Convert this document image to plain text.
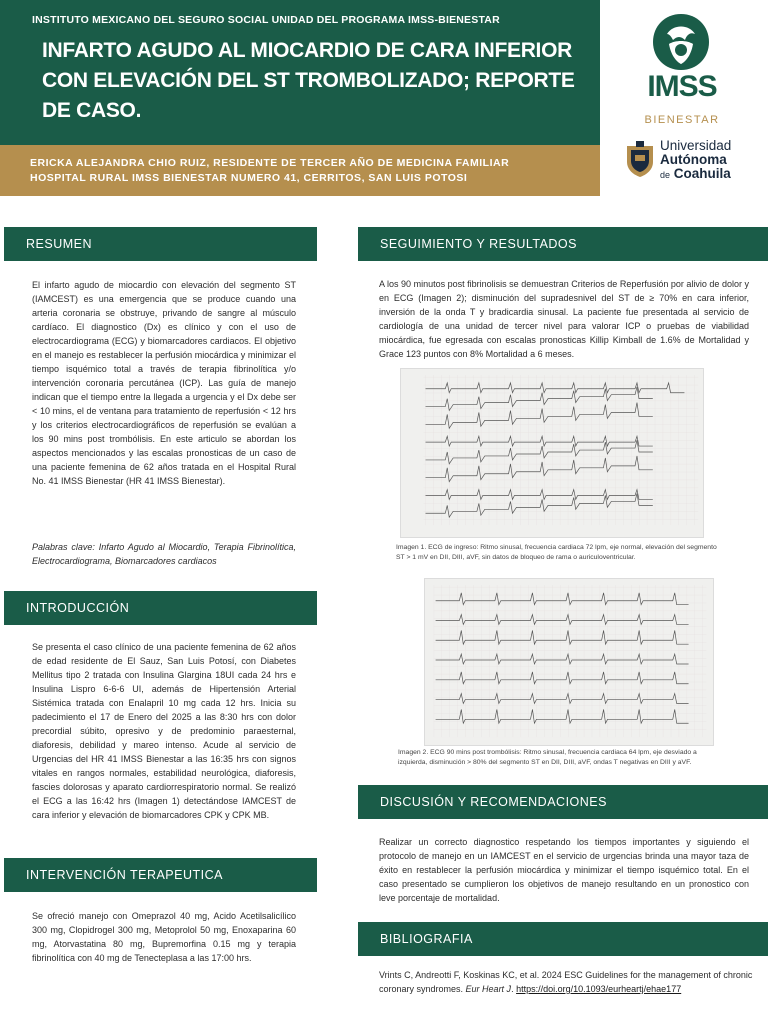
INSTITUTO MEXICANO DEL SEGURO SOCIAL UNIDAD DEL PROGRAMA IMSS-BIENESTAR
INFARTO AGUDO AL MIOCARDIO DE CARA INFERIOR CON ELEVACIÓN DEL ST TROMBOLIZADO; REPORTE DE CASO.
ERICKA ALEJANDRA CHIO RUIZ, RESIDENTE DE TERCER AÑO DE MEDICINA FAMILIAR
HOSPITAL RURAL IMSS BIENESTAR NUMERO 41, CERRITOS, SAN LUIS POTOSI
IMSS
BIENESTAR
Universidad
Autónoma
de Coahuila
RESUMEN
El infarto agudo de miocardio con elevación del segmento ST (IAMCEST) es una emergencia que se produce cuando una arteria coronaria se obstruye, privando de sangre al músculo cardíaco. El diagnostico (Dx) es clínico y con el uso de electrocardiograma (ECG) y biomarcadores cardiacos. El objetivo en el manejo es restablecer la perfusión miocárdica y minimizar el tiempo isquémico total a través de terapia fibrinolítica y/o intervención coronaria percutánea (ICP). Las guía de manejo indican que el tiempo entre la llegada a urgencia y el Dx debe ser < 10 mins, el de ventana para tratamiento de reperfusión < 12 hrs y los criterios electrocardiográficos de reperfusión se evalúan a los 90 mins post trombólisis. En este articulo se abordan los aspectos mencionados y las escalas pronosticas de un caso de una paciente femenina de 62 años tratada en el Hospital Rural No. 41 IMSS Bienestar (HR 41 IMSS Bienestar).
Palabras clave: Infarto Agudo al Miocardio, Terapia Fibrinolítica, Electrocardiograma, Biomarcadores cardiacos
INTRODUCCIÓN
Se presenta el caso clínico de una paciente femenina de 62 años de edad residente de El Sauz, San Luis Potosí, con Diabetes Mellitus tipo 2 tratada con Insulina Glargina 18UI cada 24 hrs e Insulina Lispro 6-6-6 UI, además de Hipertensión Arterial Sistémica tratada con Enalapril 10 mg cada 12 hrs. Inicia su padecimiento el 17 de Enero del 2025 a las 8:30 hrs con dolor precordial súbito, opresivo y de predominio paraesternal, diaforesis, debilidad y mareo intenso. Acude al servicio de Urgencias del HR 41 IMSS Bienestar a las 16:35 hrs con signos vitales en rangos normales, estabilidad neurológica, diaforesis, fascies dolorosas y aparato cardiorrespiratorio normal. Se realizó el ECG a las 16:42 hrs (Imagen 1) detectándose IAMCEST de cara inferior y elevación de biomarcadores CPK y CPK MB.
INTERVENCIÓN TERAPEUTICA
Se ofreció manejo con Omeprazol 40 mg, Acido Acetilsalicílico 300 mg, Clopidrogel 300 mg, Metoprolol 50 mg, Enoxaparina 60 mg, Atorvastatina 80 mg, Bupremorfina 0.15 mg y terapia fibrinolítica con 40 mg de Tenecteplasa a las 17:00 hrs.
SEGUIMIENTO Y RESULTADOS
A los 90 minutos post fibrinolisis se demuestran Criterios de Reperfusión por alivio de dolor y en ECG (Imagen 2); disminución del supradesnivel del ST de ≥ 70% en cara inferior, inversión de la onda T y bradicardia sinusal. La paciente fue presentada al servicio de cardiología de una unidad de tercer nivel para valorar ICP o pruebas de viabilidad miocárdica, fue egresada con escalas pronosticas Killip Kimball de 1.6% de Mortalidad y Grace 123 puntos con 8% Mortalidad a 6 meses.
Imagen 1. ECG de ingreso: Ritmo sinusal, frecuencia cardiaca 72 lpm, eje normal, elevación del segmento ST > 1 mV en DII, DIII, aVF, sin datos de bloqueo de rama o auriculoventricular.
Imagen 2. ECG 90 mins post trombólisis: Ritmo sinusal, frecuencia cardiaca 64 lpm, eje desviado a izquierda, disminución > 80% del segmento ST en DII, DIII, aVF, ondas T negativas en DIII y aVF.
DISCUSIÓN Y RECOMENDACIONES
Realizar un correcto diagnostico respetando los tiempos importantes y siguiendo el protocolo de manejo en un IAMCEST en el servicio de urgencias brinda una mayor taza de éxito en restablecer la perfusión miocárdica y minimizar el tiempo isquémico total. En el caso presentado se cumplieron los objetivos de manejo resultando en un pronostico con leve porcentaje de mortalidad.
BIBLIOGRAFIA
Vrints C, Andreotti F, Koskinas KC, et al. 2024 ESC Guidelines for the management of chronic coronary syndromes. Eur Heart J. https://doi.org/10.1093/eurheartj/ehae177
